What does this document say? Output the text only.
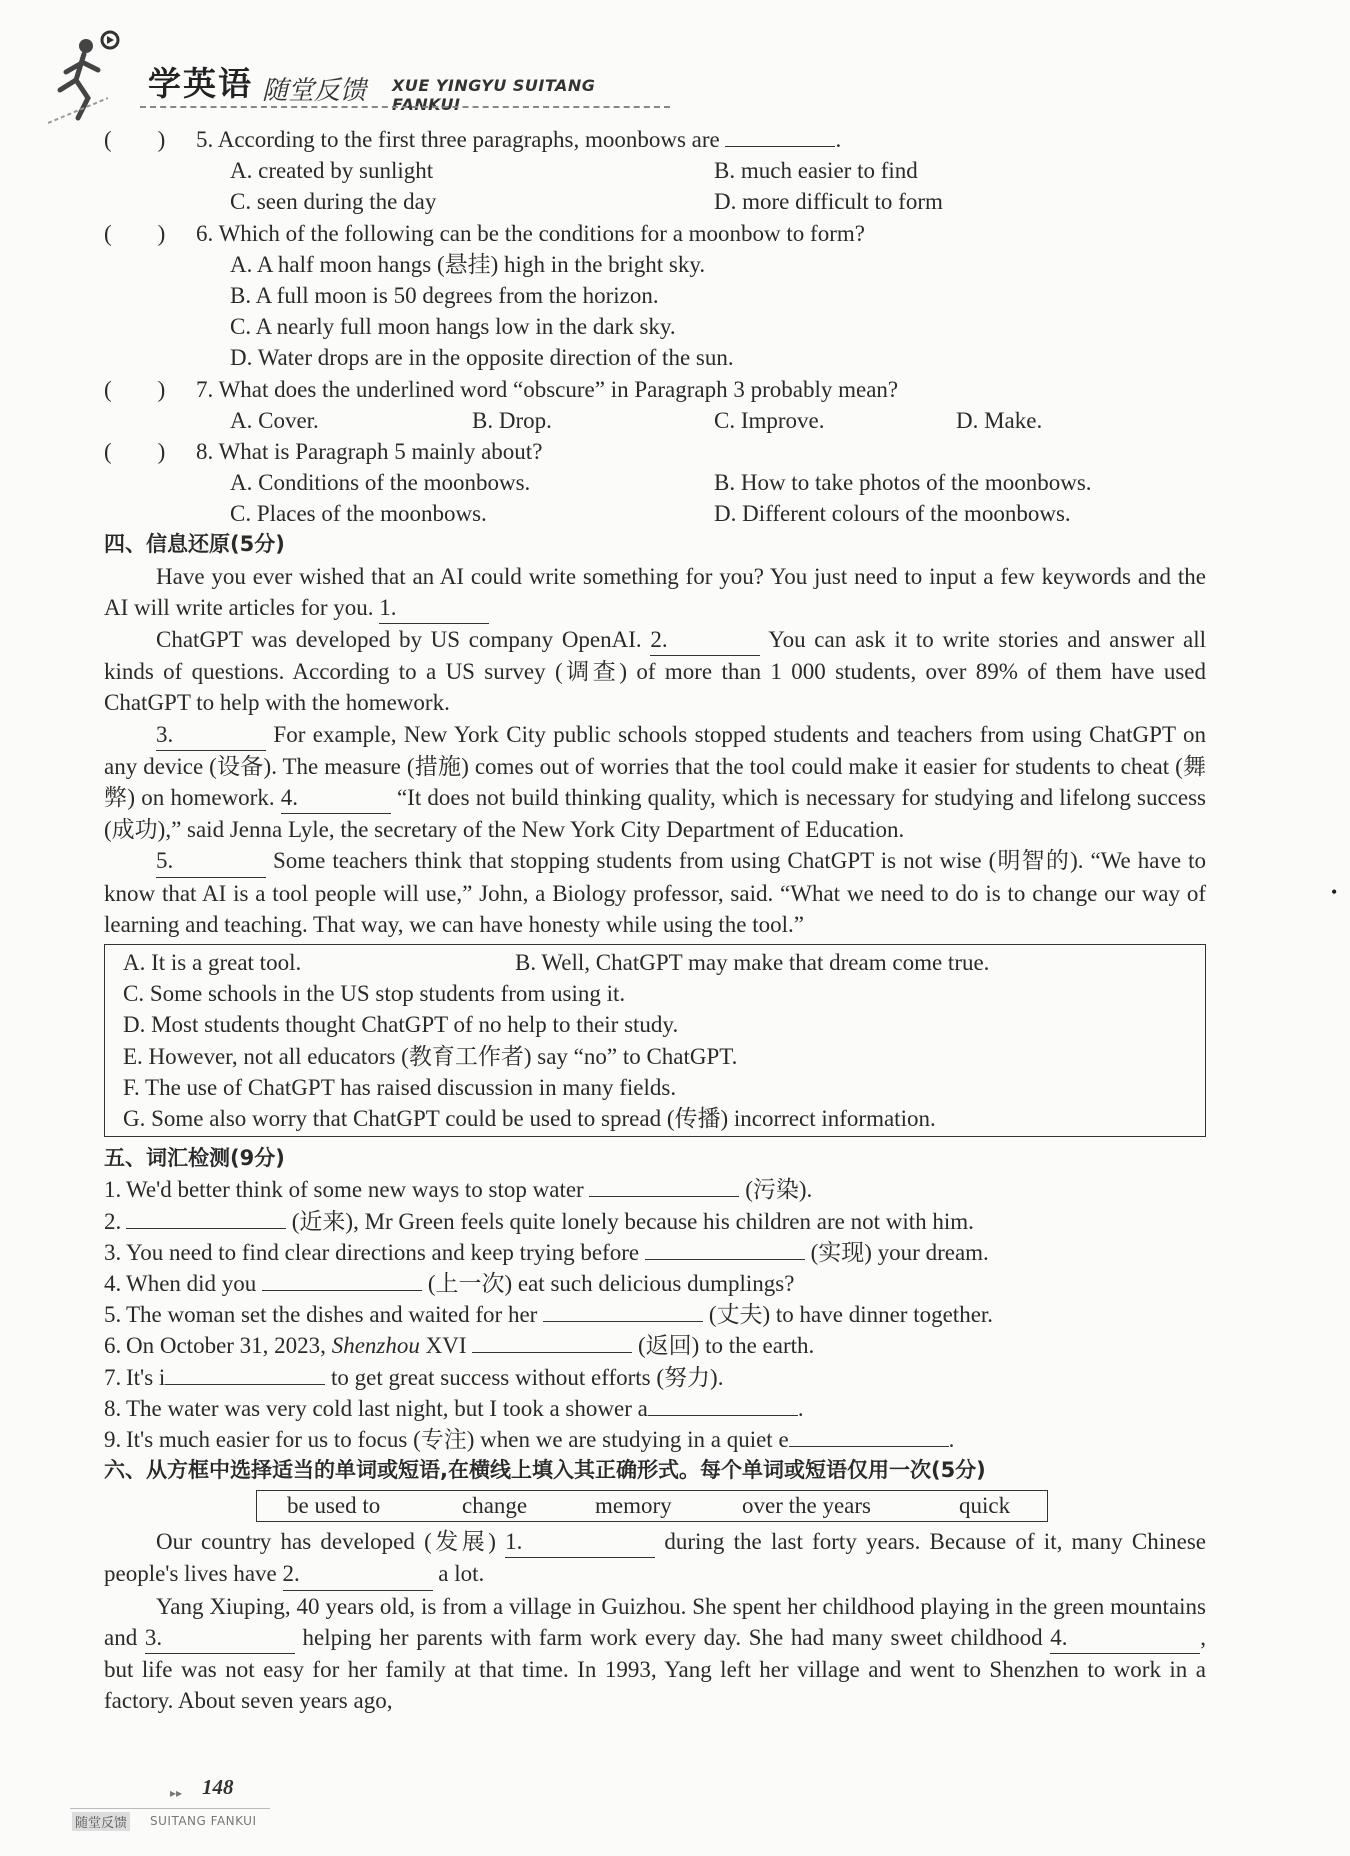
学英语 随堂反馈 XUE YINGYU SUITANG FANKUI
(　　) 5. According to the first three paragraphs, moonbows are	.
A. created by sunlight	B. much easier to find
C. seen during the day	D. more difficult to form
(　　) 6. Which of the following can be the conditions for a moonbow to form?
A. A half moon hangs (悬挂) high in the bright sky.
B. A full moon is 50 degrees from the horizon.
C. A nearly full moon hangs low in the dark sky.
D. Water drops are in the opposite direction of the sun.
(　　) 7. What does the underlined word “obscure” in Paragraph 3 probably mean?
A. Cover.	B. Drop.	C. Improve.	D. Make.
(　　) 8. What is Paragraph 5 mainly about?
A. Conditions of the moonbows.	B. How to take photos of the moonbows.
C. Places of the moonbows.	D. Different colours of the moonbows.
四、信息还原(5分)

Have you ever wished that an AI could write something for you? You just need to input a few keywords and the AI will write articles for you. 1.

ChatGPT was developed by US company OpenAI. 2.	You can ask it to write stories and answer all kinds of questions. According to a US survey (调查) of more than 1 000 students, over 89% of them have used ChatGPT to help with the homework.

3.	For example, New York City public schools stopped students and teachers from using ChatGPT on any device (设备). The measure (措施) comes out of worries that the tool could make it easier for students to cheat (舞弊) on homework. 4.	“It does not build thinking quality, which is necessary for studying and lifelong success (成功),” said Jenna Lyle, the secretary of the New York City Department of Education.

5.	Some teachers think that stopping students from using ChatGPT is not wise (明智的). “We have to know that AI is a tool people will use,” John, a Biology professor, said. “What we need to do is to change our way of learning and teaching. That way, we can have honesty while using the tool.”

A. It is a great tool.	B. Well, ChatGPT may make that dream come true.
C. Some schools in the US stop students from using it.
D. Most students thought ChatGPT of no help to their study.
E. However, not all educators (教育工作者) say “no” to ChatGPT.
F. The use of ChatGPT has raised discussion in many fields.
G. Some also worry that ChatGPT could be used to spread (传播) incorrect information.
五、词汇检测(9分)
1. We'd better think of some new ways to stop water	(污染).
2.	(近来), Mr Green feels quite lonely because his children are not with him.
3. You need to find clear directions and keep trying before	(实现) your dream.
4. When did you	(上一次) eat such delicious dumplings?
5. The woman set the dishes and waited for her	(丈夫) to have dinner together.
6. On October 31, 2023, Shenzhou XVI	(返回) to the earth.
7. It's i	to get great success without efforts (努力).
8. The water was very cold last night, but I took a shower a	.
9. It's much easier for us to focus (专注) when we are studying in a quiet e	.
六、从方框中选择适当的单词或短语,在横线上填入其正确形式。每个单词或短语仅用一次(5分)
be used to	change	memory	over the years	quick

Our country has developed (发展) 1.	during the last forty years. Because of it, many Chinese people's lives have 2.	a lot.

Yang Xiuping, 40 years old, is from a village in Guizhou. She spent her childhood playing in the green mountains and 3.	helping her parents with farm work every day. She had many sweet childhood 4.	, but life was not easy for her family at that time. In 1993, Yang left her village and went to Shenzhen to work in a factory. About seven years ago,

•
▸▸ 148
随堂反馈 SUITANG FANKUI
